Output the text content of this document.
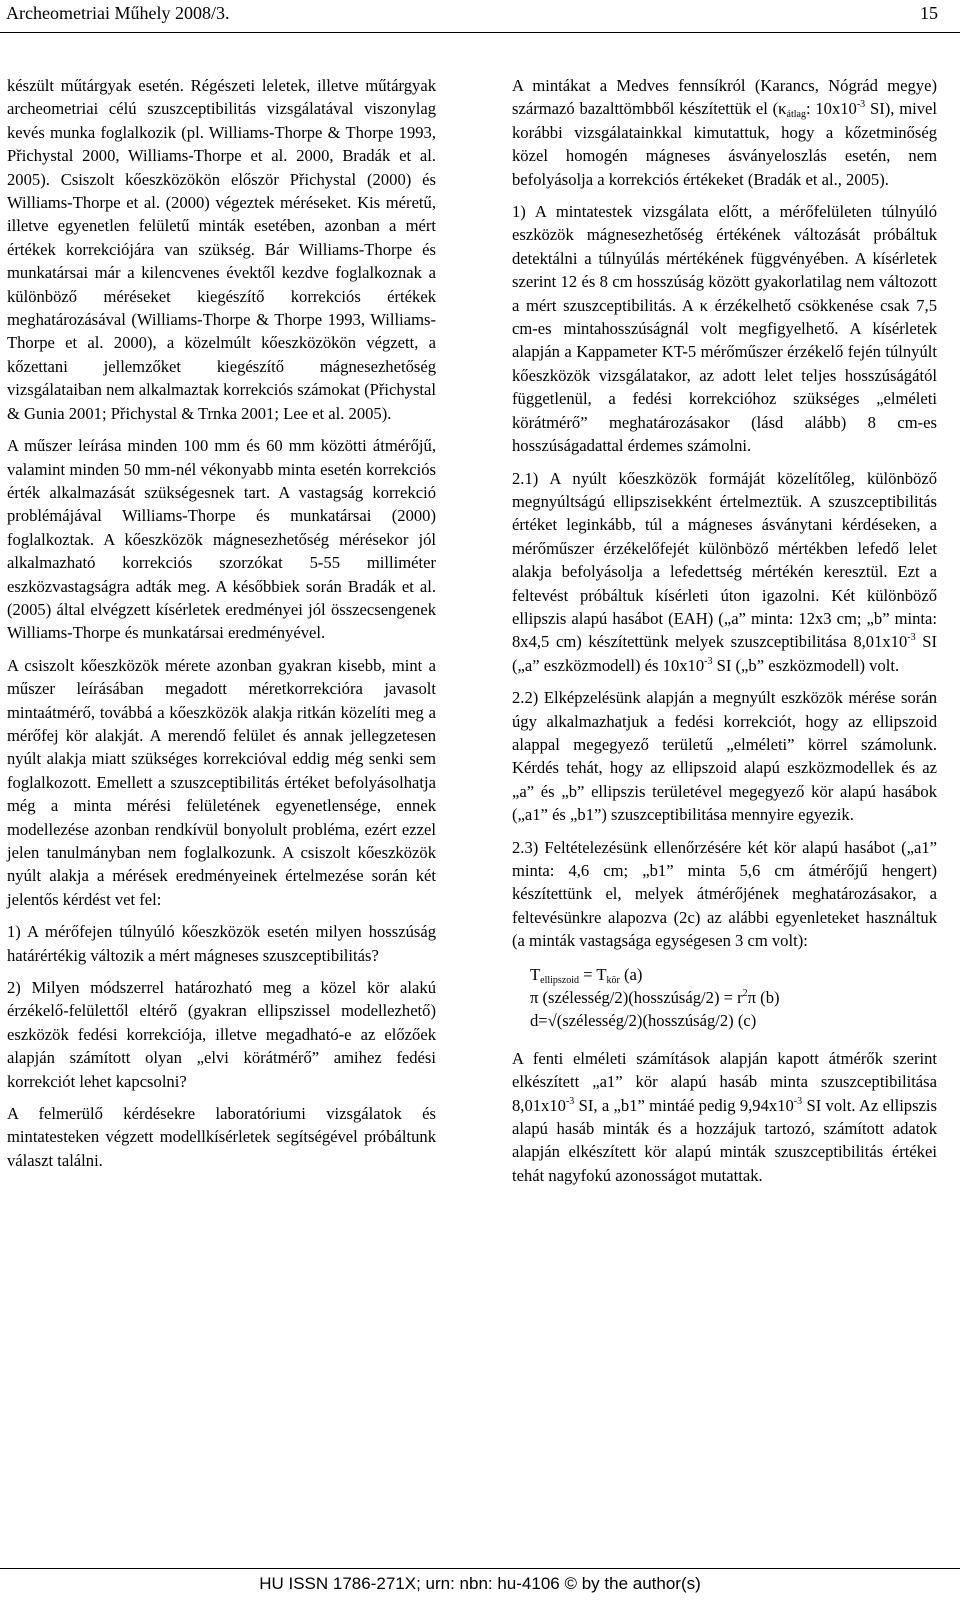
Archeometriai Műhely 2008/3.	15

készült műtárgyak esetén. Régészeti leletek, illetve műtárgyak archeometriai célú szuszceptibilitás vizsgálatával viszonylag kevés munka foglalkozik (pl. Williams-Thorpe & Thorpe 1993, Přichystal 2000, Williams-Thorpe et al. 2000, Bradák et al. 2005). Csiszolt kőeszközökön először Přichystal (2000) és Williams-Thorpe et al. (2000) végeztek méréseket. Kis méretű, illetve egyenetlen felületű minták esetében, azonban a mért értékek korrekciójára van szükség. Bár Williams-Thorpe és munkatársai már a kilencvenes évektől kezdve foglalkoznak a különböző méréseket kiegészítő korrekciós értékek meghatározásával (Williams-Thorpe & Thorpe 1993, Williams-Thorpe et al. 2000), a közelmúlt kőeszközökön végzett, a kőzettani jellemzőket kiegészítő mágnesezhetőség vizsgálataiban nem alkalmaztak korrekciós számokat (Přichystal & Gunia 2001; Přichystal & Trnka 2001; Lee et al. 2005).

A műszer leírása minden 100 mm és 60 mm közötti átmérőjű, valamint minden 50 mm-nél vékonyabb minta esetén korrekciós érték alkalmazását szükségesnek tart. A vastagság korrekció problémájával Williams-Thorpe és munkatársai (2000) foglalkoztak. A kőeszközök mágnesezhetőség mérésekor jól alkalmazható korrekciós szorzókat 5-55 milliméter eszközvastagságra adták meg. A későbbiek során Bradák et al. (2005) által elvégzett kísérletek eredményei jól összecsengenek Williams-Thorpe és munkatársai eredményével.

A csiszolt kőeszközök mérete azonban gyakran kisebb, mint a műszer leírásában megadott méretkorrekcióra javasolt mintaátmérő, továbbá a kőeszközök alakja ritkán közelíti meg a mérőfej kör alakját. A merendő felület és annak jellegzetesen nyúlt alakja miatt szükséges korrekcióval eddig még senki sem foglalkozott. Emellett a szuszceptibilitás értéket befolyásolhatja még a minta mérési felületének egyenetlensége, ennek modellezése azonban rendkívül bonyolult probléma, ezért ezzel jelen tanulmányban nem foglalkozunk. A csiszolt kőeszközök nyúlt alakja a mérések eredményeinek értelmezése során két jelentős kérdést vet fel:

1) A mérőfejen túlnyúló kőeszközök esetén milyen hosszúság határértékig változik a mért mágneses szuszceptibilitás?

2) Milyen módszerrel határozható meg a közel kör alakú érzékelő-felülettől eltérő (gyakran ellipszissel modellezhető) eszközök fedési korrekciója, illetve megadható-e az előzőek alapján számított olyan „elvi körátmérő” amihez fedési korrekciót lehet kapcsolni?

A felmerülő kérdésekre laboratóriumi vizsgálatok és mintatesteken végzett modellkísérletek segítségével próbáltunk választ találni.

A mintákat a Medves fennsíkról (Karancs, Nógrád megye) származó bazalttömbből készítettük el ($\kappa_{átlag}$: $10x10^{-3}$ SI), mivel korábbi vizsgálatainkkal kimutattuk, hogy a kőzetminőség közel homogén mágneses ásványeloszlás esetén, nem befolyásolja a korrekciós értékeket (Bradák et al., 2005).

1) A mintatestek vizsgálata előtt, a mérőfelületen túlnyúló eszközök mágnesezhetőség értékének változását próbáltuk detektálni a túlnyúlás mértékének függvényében. A kísérletek szerint 12 és 8 cm hosszúság között gyakorlatilag nem változott a mért szuszceptibilitás. A κ érzékelhető csökkenése csak 7,5 cm-es mintahosszúságnál volt megfigyelhető. A kísérletek alapján a Kappameter KT-5 mérőműszer érzékelő fején túlnyúlt kőeszközök vizsgálatakor, az adott lelet teljes hosszúságától függetlenül, a fedési korrekcióhoz szükséges „elméleti körátmérő” meghatározásakor (lásd alább) 8 cm-es hosszúságadattal érdemes számolni.

2.1) A nyúlt kőeszközök formáját közelítőleg, különböző megnyúltságú ellipszisekként értelmeztük. A szuszceptibilitás értéket leginkább, túl a mágneses ásványtani kérdéseken, a mérőműszer érzékelőfejét különböző mértékben lefedő lelet alakja befolyásolja a lefedettség mértékén keresztül. Ezt a feltevést próbáltuk kísérleti úton igazolni. Két különböző ellipszis alapú hasábot (EAH) („a” minta: 12x3 cm; „b” minta: 8x4,5 cm) készítettünk melyek szuszceptibilitása $8,01x10^{-3}$ SI („a” eszközmodell) és $10x10^{-3}$ SI („b” eszközmodell) volt.

2.2) Elképzelésünk alapján a megnyúlt eszközök mérése során úgy alkalmazhatjuk a fedési korrekciót, hogy az ellipszoid alappal megegyező területű „elméleti” körrel számolunk. Kérdés tehát, hogy az ellipszoid alapú eszközmodellek és az „a” és „b” ellipszis területével megegyező kör alapú hasábok („a1” és „b1”) szuszceptibilitása mennyire egyezik.

2.3) Feltételezésünk ellenőrzésére két kör alapú hasábot („a1” minta: 4,6 cm; „b1” minta 5,6 cm átmérőjű hengert) készítettünk el, melyek átmérőjének meghatározásakor, a feltevésünkre alapozva (2c) az alábbi egyenleteket használtuk (a minták vastagsága egységesen 3 cm volt):

$T_{ellipszoid} = T_{kör}$ (a)
π (szélesség/2)(hosszúság/2) = $r^2\pi$ (b)
d=√(szélesség/2)(hosszúság/2) (c)

A fenti elméleti számítások alapján kapott átmérők szerint elkészített „a1” kör alapú hasáb minta szuszceptibilitása $8,01x10^{-3}$ SI, a „b1” mintáé pedig $9,94x10^{-3}$ SI volt. Az ellipszis alapú hasáb minták és a hozzájuk tartozó, számított adatok alapján elkészített kör alapú minták szuszceptibilitás értékei tehát nagyfokú azonosságot mutattak.

HU ISSN 1786-271X; urn: nbn: hu-4106 © by the author(s)
